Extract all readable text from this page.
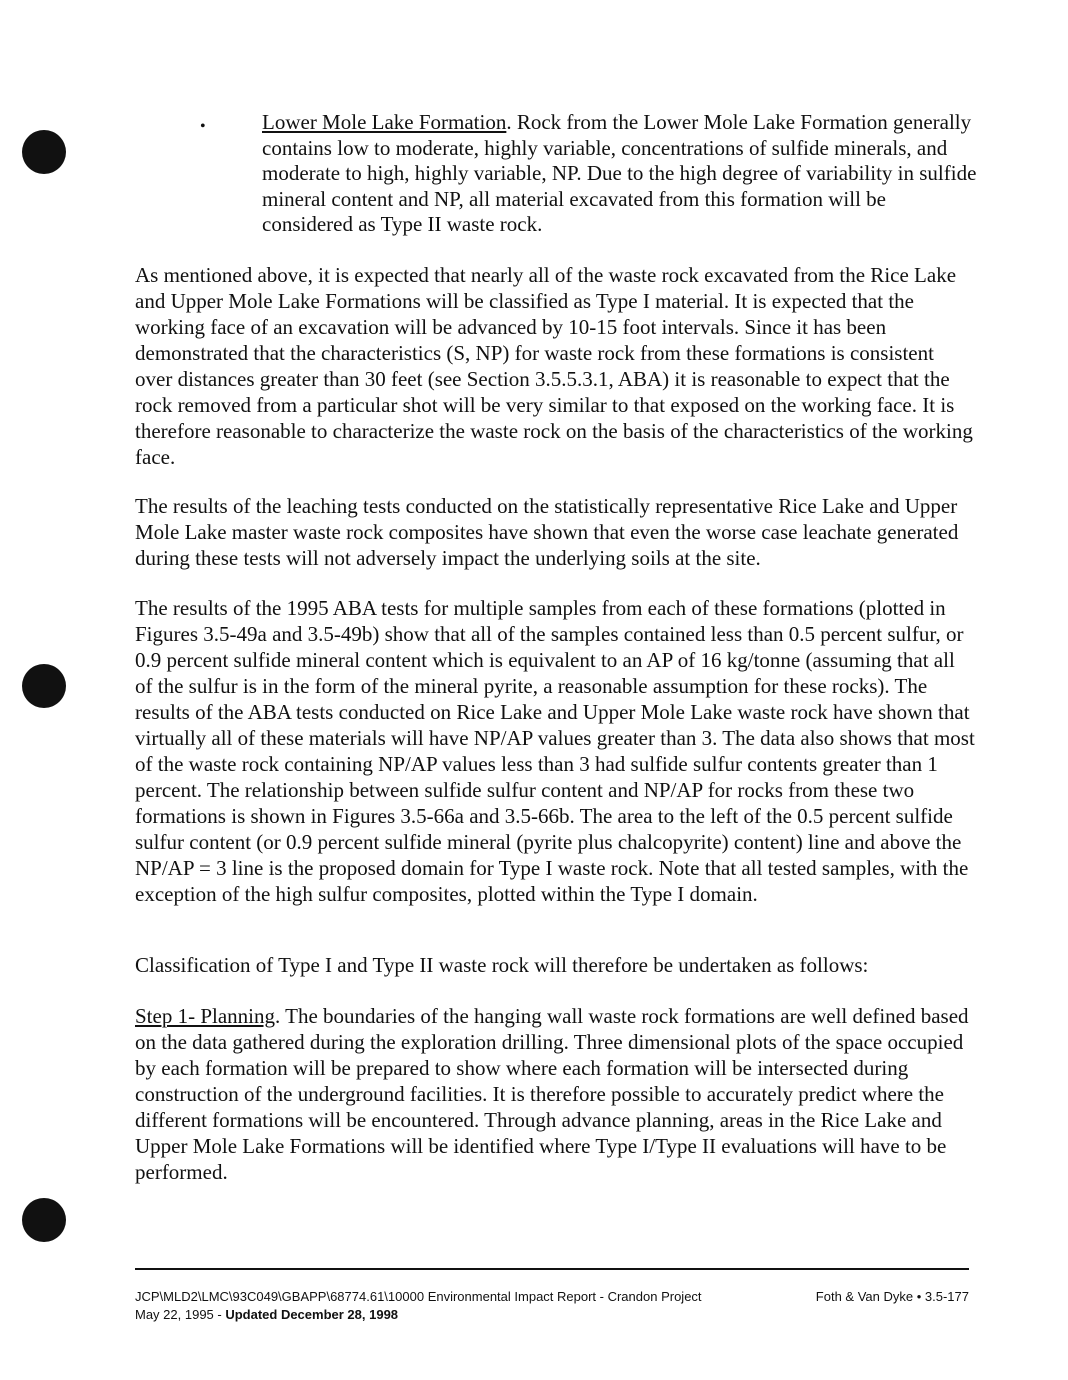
•	Lower Mole Lake Formation. Rock from the Lower Mole Lake Formation generally contains low to moderate, highly variable, concentrations of sulfide minerals, and moderate to high, highly variable, NP. Due to the high degree of variability in sulfide mineral content and NP, all material excavated from this formation will be considered as Type II waste rock.

As mentioned above, it is expected that nearly all of the waste rock excavated from the Rice Lake and Upper Mole Lake Formations will be classified as Type I material. It is expected that the working face of an excavation will be advanced by 10-15 foot intervals. Since it has been demonstrated that the characteristics (S, NP) for waste rock from these formations is consistent over distances greater than 30 feet (see Section 3.5.5.3.1, ABA) it is reasonable to expect that the rock removed from a particular shot will be very similar to that exposed on the working face. It is therefore reasonable to characterize the waste rock on the basis of the characteristics of the working face.

The results of the leaching tests conducted on the statistically representative Rice Lake and Upper Mole Lake master waste rock composites have shown that even the worse case leachate generated during these tests will not adversely impact the underlying soils at the site.

The results of the 1995 ABA tests for multiple samples from each of these formations (plotted in Figures 3.5-49a and 3.5-49b) show that all of the samples contained less than 0.5 percent sulfur, or 0.9 percent sulfide mineral content which is equivalent to an AP of 16 kg/tonne (assuming that all of the sulfur is in the form of the mineral pyrite, a reasonable assumption for these rocks). The results of the ABA tests conducted on Rice Lake and Upper Mole Lake waste rock have shown that virtually all of these materials will have NP/AP values greater than 3. The data also shows that most of the waste rock containing NP/AP values less than 3 had sulfide sulfur contents greater than 1 percent. The relationship between sulfide sulfur content and NP/AP for rocks from these two formations is shown in Figures 3.5-66a and 3.5-66b. The area to the left of the 0.5 percent sulfide sulfur content (or 0.9 percent sulfide mineral (pyrite plus chalcopyrite) content) line and above the NP/AP = 3 line is the proposed domain for Type I waste rock. Note that all tested samples, with the exception of the high sulfur composites, plotted within the Type I domain.

Classification of Type I and Type II waste rock will therefore be undertaken as follows:

Step 1- Planning. The boundaries of the hanging wall waste rock formations are well defined based on the data gathered during the exploration drilling. Three dimensional plots of the space occupied by each formation will be prepared to show where each formation will be intersected during construction of the underground facilities. It is therefore possible to accurately predict where the different formations will be encountered. Through advance planning, areas in the Rice Lake and Upper Mole Lake Formations will be identified where Type I/Type II evaluations will have to be performed.

JCP\MLD2\LMC\93C049\GBAPP\68774.61\10000 Environmental Impact Report - Crandon Project
May 22, 1995 - Updated December 28, 1998
Foth & Van Dyke • 3.5-177
